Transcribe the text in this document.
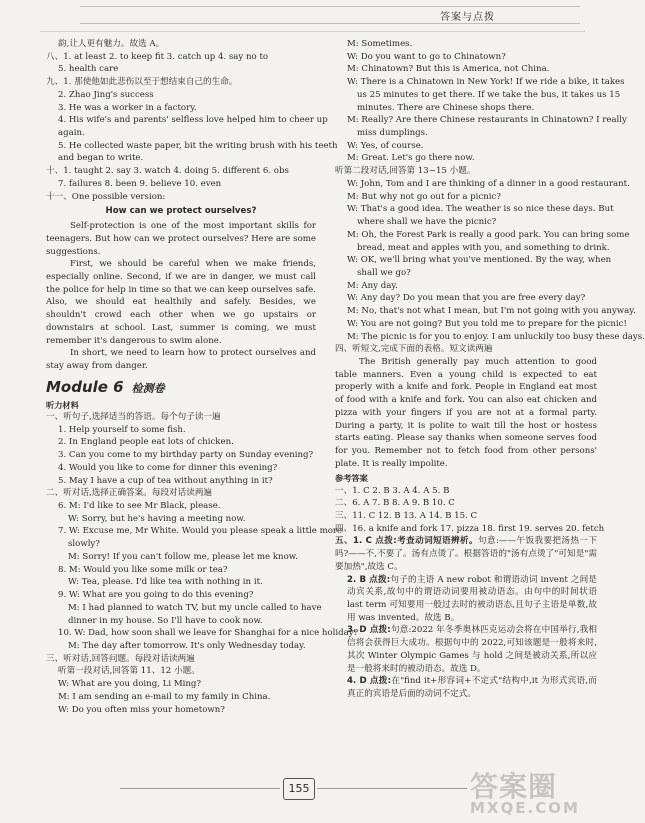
答案与点拨
韵,让人更有魅力。故选 A。
八、1. at least 2. to keep fit 3. catch up 4. say no to
5. health care
九、1. 那使他如此悲伤以至于想结束自己的生命。
2. Zhao Jing's success
3. He was a worker in a factory.
4. His wife's and parents' selfless love helped him to cheer up
again.
5. He collected waste paper, bit the writing brush with his teeth
and began to write.
十、1. taught 2. say 3. watch 4. doing 5. different 6. obs
7. failures 8. been 9. believe 10. even
十一、One possible version:
How can we protect ourselves?
Self-protection is one of the most important skills for teenagers. But how can we protect ourselves? Here are some suggestions.
First, we should be careful when we make friends, especially online. Second, if we are in danger, we must call the police for help in time so that we can keep ourselves safe. Also, we should eat healthily and safely. Besides, we shouldn't crowd each other when we go upstairs or downstairs at school. Last, summer is coming, we must remember it's dangerous to swim alone.
In short, we need to learn how to protect ourselves and stay away from danger.
Module 6 检测卷
听力材料
一、听句子,选择适当的答语。每个句子读一遍
1. Help yourself to some fish.
2. In England people eat lots of chicken.
3. Can you come to my birthday party on Sunday evening?
4. Would you like to come for dinner this evening?
5. May I have a cup of tea without anything in it?
二、听对话,选择正确答案。每段对话读两遍
6. M: I'd like to see Mr Black, please.
W: Sorry, but he's having a meeting now.
7. W: Excuse me, Mr White. Would you please speak a little more
slowly?
M: Sorry! If you can't follow me, please let me know.
8. M: Would you like some milk or tea?
W: Tea, please. I'd like tea with nothing in it.
9. W: What are you going to do this evening?
M: I had planned to watch TV, but my uncle called to have
dinner in my house. So I'll have to cook now.
10. W: Dad, how soon shall we leave for Shanghai for a nice holiday?
M: The day after tomorrow. It's only Wednesday today.
三、听对话,回答问题。每段对话读两遍
听第一段对话,回答第 11、12 小题。
W: What are you doing, Li Ming?
M: I am sending an e-mail to my family in China.
W: Do you often miss your hometown?
M: Sometimes.
W: Do you want to go to Chinatown?
M: Chinatown? But this is America, not China.
W: There is a Chinatown in New York! If we ride a bike, it takes
us 25 minutes to get there. If we take the bus, it takes us 15
minutes. There are Chinese shops there.
M: Really? Are there Chinese restaurants in Chinatown? I really
miss dumplings.
W: Yes, of course.
M: Great. Let's go there now.
听第二段对话,回答第 13~15 小题。
W: John, Tom and I are thinking of a dinner in a good restaurant.
M: But why not go out for a picnic?
W: That's a good idea. The weather is so nice these days. But
where shall we have the picnic?
M: Oh, the Forest Park is really a good park. You can bring some
bread, meat and apples with you, and something to drink.
W: OK, we'll bring what you've mentioned. By the way, when
shall we go?
M: Any day.
W: Any day? Do you mean that you are free every day?
M: No, that's not what I mean, but I'm not going with you anyway.
W: You are not going? But you told me to prepare for the picnic!
M: The picnic is for you to enjoy. I am unluckily too busy these days.
四、听短文,完成下面的表格。短文读两遍
The British generally pay much attention to good table manners. Even a young child is expected to eat properly with a knife and fork. People in England eat most of food with a knife and fork. You can also eat chicken and pizza with your fingers if you are not at a formal party. During a party, it is polite to wait till the host or hostess starts eating. Please say thanks when someone serves food for you. Remember not to fetch food from other persons' plate. It is really impolite.
参考答案
一、1. C 2. B 3. A 4. A 5. B
二、6. A 7. B 8. A 9. B 10. C
三、11. C 12. B 13. A 14. B 15. C
四、16. a knife and fork 17. pizza 18. first 19. serves 20. fetch
五、1. C 点拨:考查动词短语辨析。句意:——午饭我要把汤热一下吗?——不,不要了。汤有点烫了。根据答语的"汤有点烫了"可知是"需要加热",故选 C。
2. B 点拨:句子的主语 A new robot 和谓语动词 invent 之间是动宾关系,故句中的谓语动词要用被动语态。由句中的时间状语 last term 可知要用一般过去时的被动语态,且句子主语是单数,故用 was invented。故选 B。
3. D 点拨:句意:2022 年冬季奥林匹克运动会将在中国举行,我相信将会获得巨大成功。根据句中的 2022,可知该题是一般将来时,其次 Winter Olympic Games 与 hold 之间是被动关系,所以应是一般将来时的被动语态。故选 D。
4. D 点拨:在"find it+形容词+不定式"结构中,it 为形式宾语,而真正的宾语是后面的动词不定式。
155	答案圈
MXQE.COM
